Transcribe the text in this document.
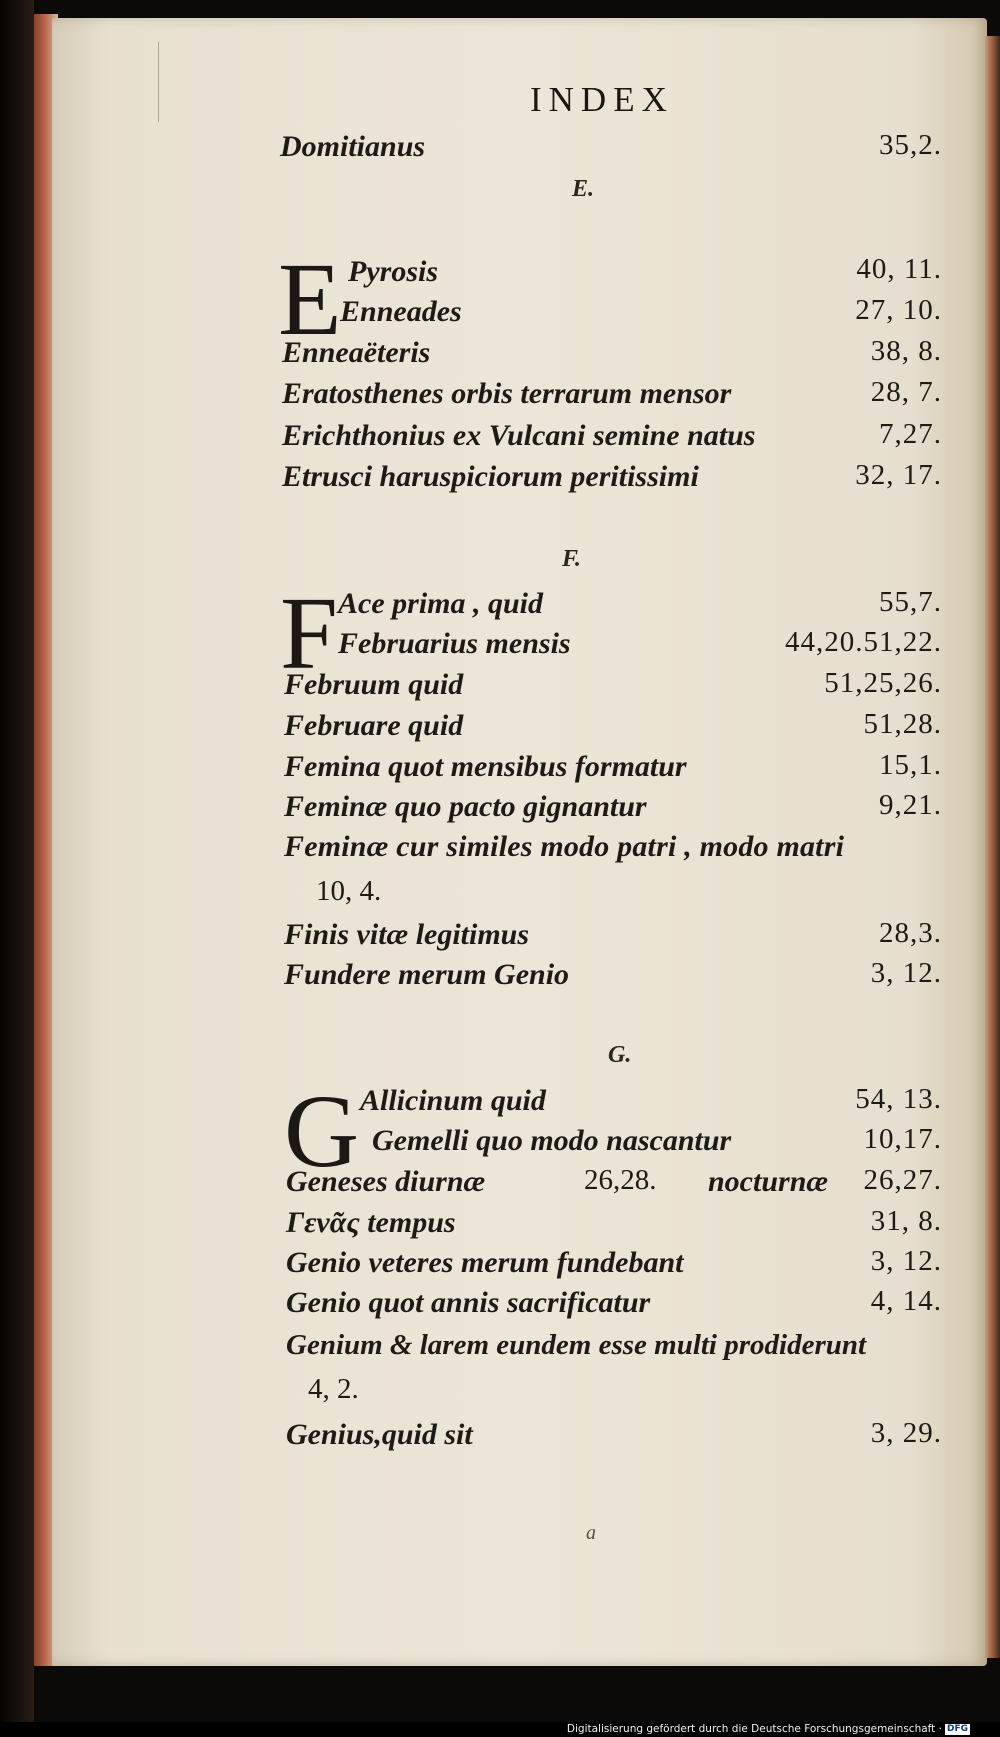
INDEX
Domitianus	35,2.
E.
E Pyrosis	40, 11.
Enneades	27, 10.
Enneaëteris	38, 8.
Eratosthenes orbis terrarum mensor	28, 7.
Erichthonius ex Vulcani semine natus	7,27.
Etrusci haruspiciorum peritissimi	32, 17.
F.
F Ace prima , quid	55,7.
Februarius mensis	44,20.51,22.
Februum quid	51,25,26.
Februare quid	51,28.
Femina quot mensibus formatur	15,1.
Feminæ quo pacto gignantur	9,21.
Feminæ cur similes modo patri , modo matri
10, 4.
Finis vitæ legitimus	28,3.
Fundere merum Genio	3, 12.
G.
G Allicinum quid	54, 13.
Gemelli quo modo nascantur	10,17.
Geneses diurnæ	26,28. nocturnæ 26,27.
Γενᾶς tempus	31, 8.
Genio veteres merum fundebant	3, 12.
Genio quot annis sacrificatur	4, 14.
Genium & larem eundem esse multi prodiderunt
4, 2.
Genius,quid sit	3, 29.
a
Digitalisierung gefördert durch die Deutsche Forschungsgemeinschaft · DFG
